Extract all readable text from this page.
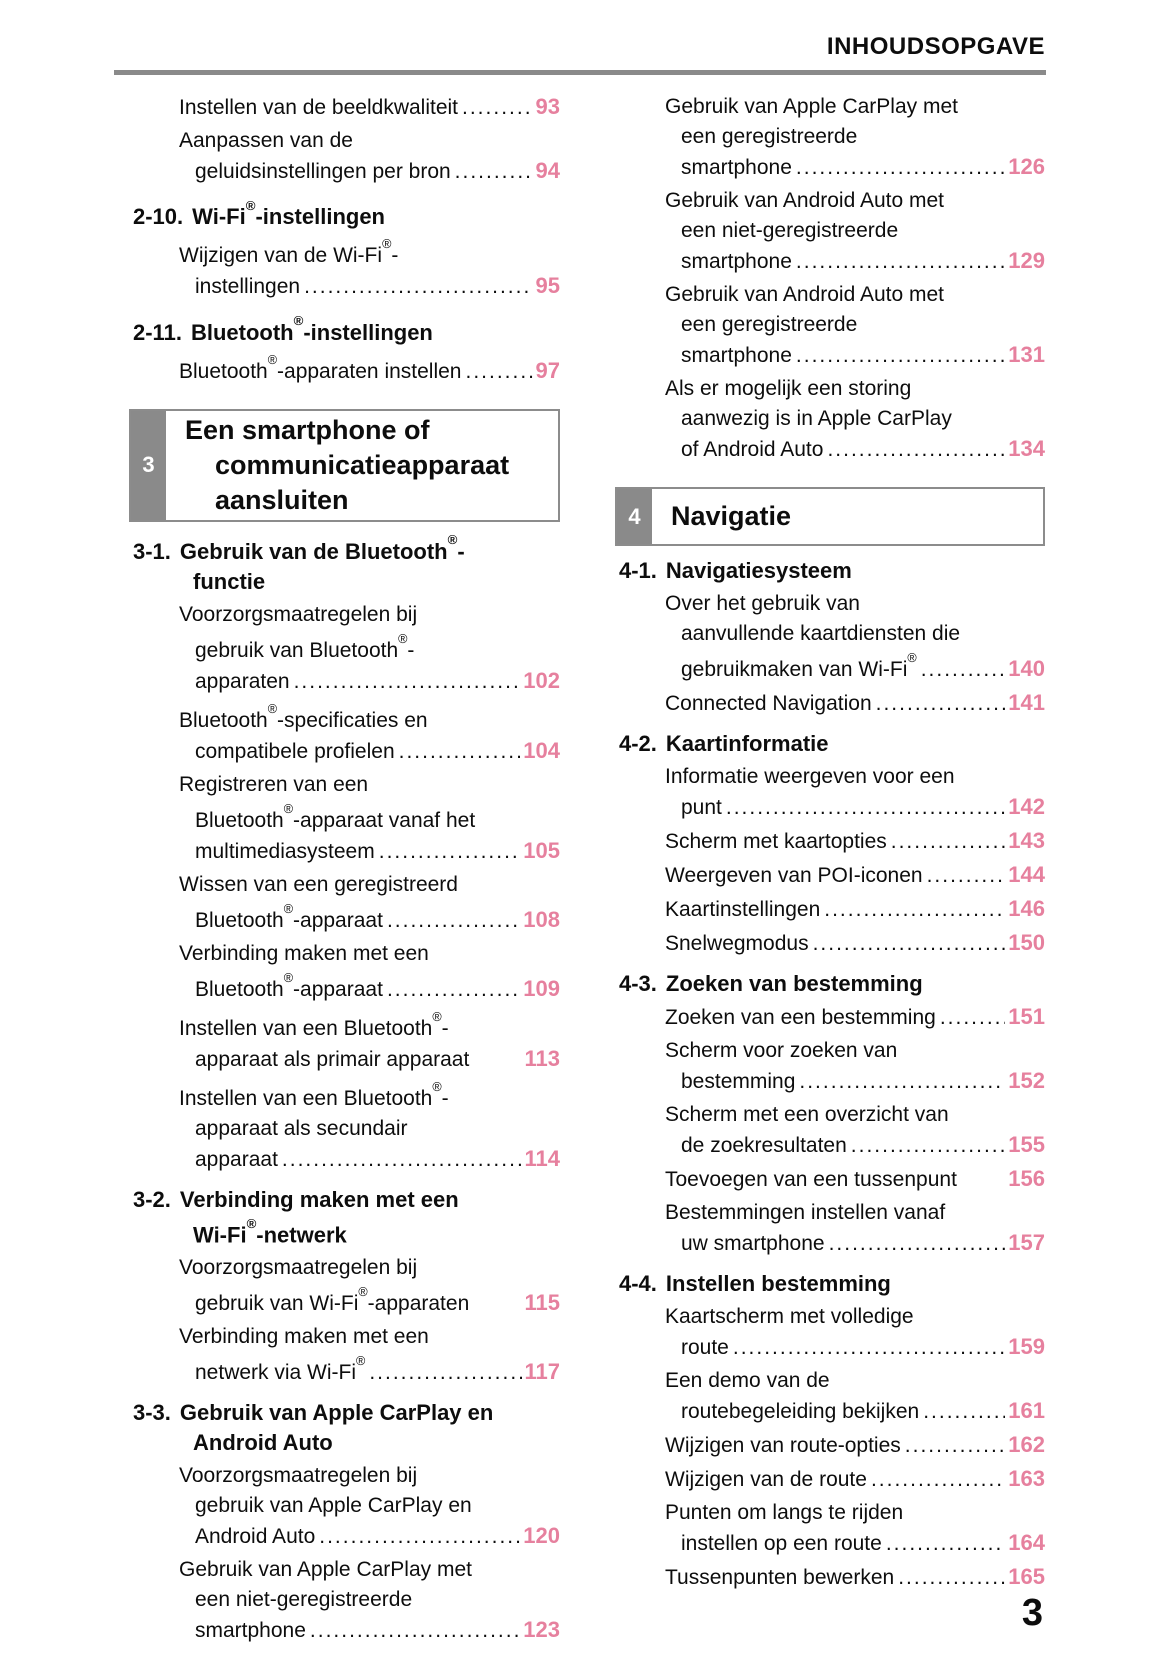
INHOUDSOPGAVE
Instellen van de beeldkwaliteit .....	93
Aanpassen van de
geluidsinstellingen per bron .....	94
2-10. Wi-Fi®-instellingen
Wijzigen van de Wi-Fi®-
instellingen .....	95
2-11. Bluetooth®-instellingen
Bluetooth®-apparaten instellen .....	97
3
Een smartphone of
communicatieapparaat
aansluiten
3-1. Gebruik van de Bluetooth®-
functie
Voorzorgsmaatregelen bij
gebruik van Bluetooth®-
apparaten .....	102
Bluetooth®-specificaties en
compatibele profielen .....	104
Registreren van een
Bluetooth®-apparaat vanaf het
multimediasysteem .....	105
Wissen van een geregistreerd
Bluetooth®-apparaat .....	108
Verbinding maken met een
Bluetooth®-apparaat .....	109
Instellen van een Bluetooth®-
apparaat als primair apparaat	113
Instellen van een Bluetooth®-
apparaat als secundair
apparaat .....	114
3-2. Verbinding maken met een
Wi-Fi®-netwerk
Voorzorgsmaatregelen bij
gebruik van Wi-Fi®-apparaten	115
Verbinding maken met een
netwerk via Wi-Fi® .....	117
3-3. Gebruik van Apple CarPlay en
Android Auto
Voorzorgsmaatregelen bij
gebruik van Apple CarPlay en
Android Auto .....	120
Gebruik van Apple CarPlay met
een niet-geregistreerde
smartphone .....	123
Gebruik van Apple CarPlay met
een geregistreerde
smartphone .....	126
Gebruik van Android Auto met
een niet-geregistreerde
smartphone .....	129
Gebruik van Android Auto met
een geregistreerde
smartphone .....	131
Als er mogelijk een storing
aanwezig is in Apple CarPlay
of Android Auto .....	134
4	Navigatie
4-1. Navigatiesysteem
Over het gebruik van
aanvullende kaartdiensten die
gebruikmaken van Wi-Fi® .....	140
Connected Navigation .....	141
4-2. Kaartinformatie
Informatie weergeven voor een
punt .....	142
Scherm met kaartopties .....	143
Weergeven van POI-iconen .....	144
Kaartinstellingen .....	146
Snelwegmodus .....	150
4-3. Zoeken van bestemming
Zoeken van een bestemming .....	151
Scherm voor zoeken van
bestemming .....	152
Scherm met een overzicht van
de zoekresultaten .....	155
Toevoegen van een tussenpunt 156
Bestemmingen instellen vanaf
uw smartphone .....	157
4-4. Instellen bestemming
Kaartscherm met volledige
route .....	159
Een demo van de
routebegeleiding bekijken .....	161
Wijzigen van route-opties .....	162
Wijzigen van de route .....	163
Punten om langs te rijden
instellen op een route .....	164
Tussenpunten bewerken .....	165
3
